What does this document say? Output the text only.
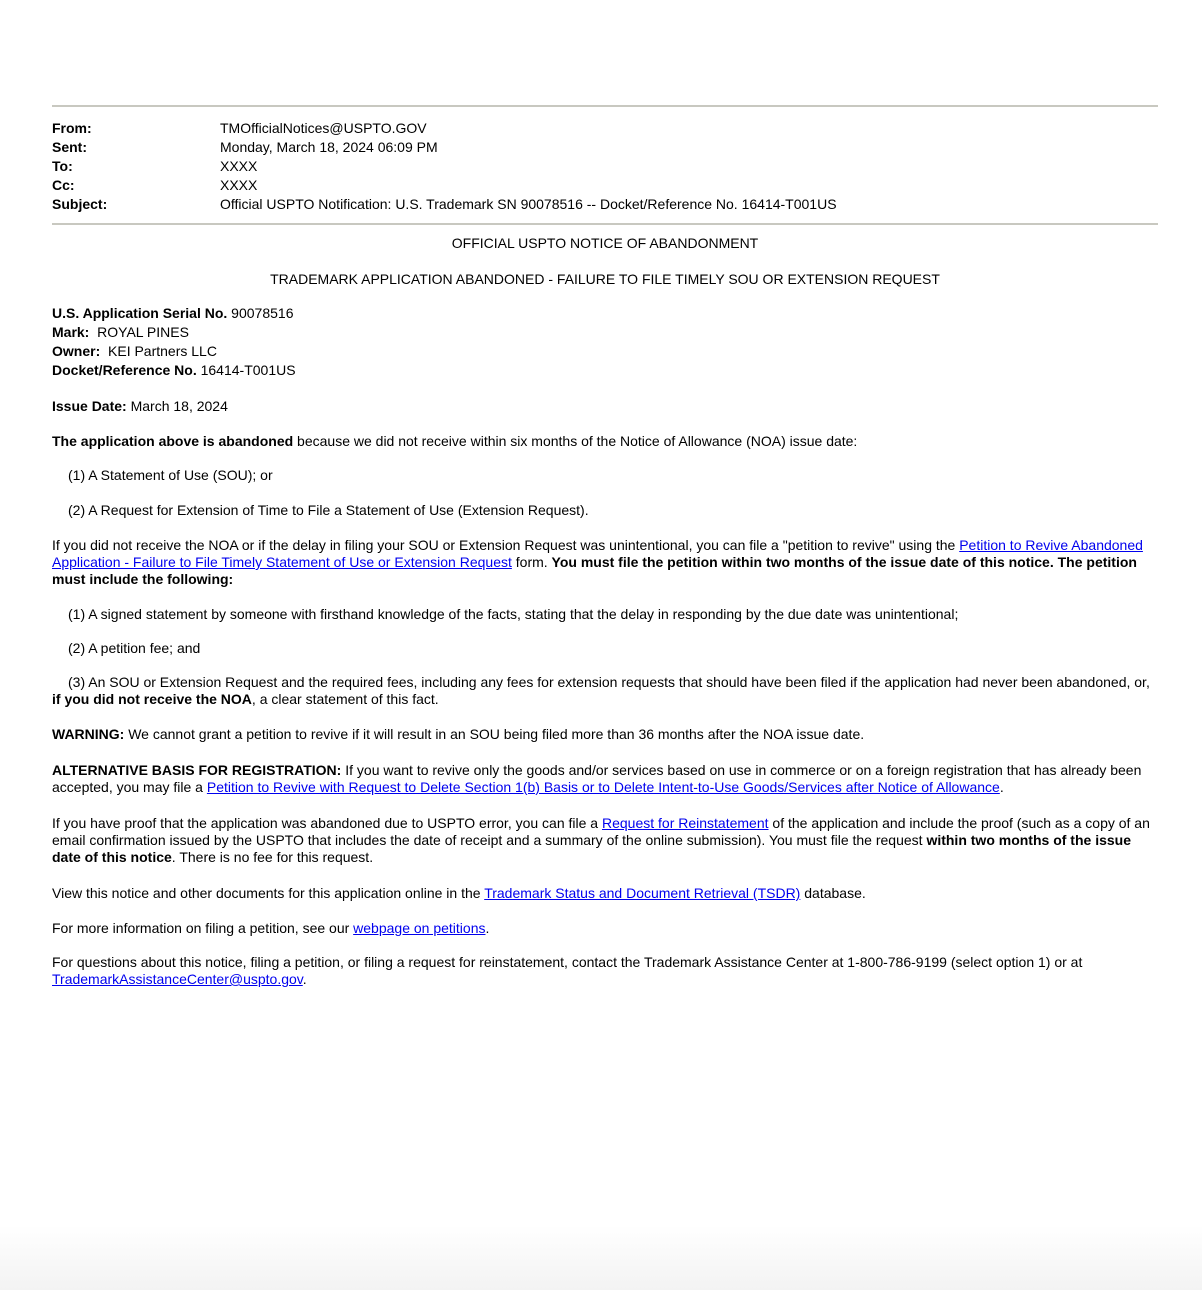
From:	TMOfficialNotices@USPTO.GOV
Sent:	Monday, March 18, 2024 06:09 PM
To:	XXXX
Cc:	XXXX
Subject:	Official USPTO Notification: U.S. Trademark SN 90078516 -- Docket/Reference No. 16414-T001US

OFFICIAL USPTO NOTICE OF ABANDONMENT

TRADEMARK APPLICATION ABANDONED - FAILURE TO FILE TIMELY SOU OR EXTENSION REQUEST

U.S. Application Serial No. 90078516
Mark:  ROYAL PINES
Owner:  KEI Partners LLC
Docket/Reference No. 16414-T001US

Issue Date: March 18, 2024

The application above is abandoned because we did not receive within six months of the Notice of Allowance (NOA) issue date:

(1) A Statement of Use (SOU); or

(2) A Request for Extension of Time to File a Statement of Use (Extension Request).

If you did not receive the NOA or if the delay in filing your SOU or Extension Request was unintentional, you can file a "petition to revive" using the Petition to Revive Abandoned Application - Failure to File Timely Statement of Use or Extension Request form. You must file the petition within two months of the issue date of this notice. The petition must include the following:

(1) A signed statement by someone with firsthand knowledge of the facts, stating that the delay in responding by the due date was unintentional;

(2) A petition fee; and

(3) An SOU or Extension Request and the required fees, including any fees for extension requests that should have been filed if the application had never been abandoned, or, if you did not receive the NOA, a clear statement of this fact.

WARNING: We cannot grant a petition to revive if it will result in an SOU being filed more than 36 months after the NOA issue date.

ALTERNATIVE BASIS FOR REGISTRATION: If you want to revive only the goods and/or services based on use in commerce or on a foreign registration that has already been accepted, you may file a Petition to Revive with Request to Delete Section 1(b) Basis or to Delete Intent-to-Use Goods/Services after Notice of Allowance.

If you have proof that the application was abandoned due to USPTO error, you can file a Request for Reinstatement of the application and include the proof (such as a copy of an email confirmation issued by the USPTO that includes the date of receipt and a summary of the online submission). You must file the request within two months of the issue date of this notice. There is no fee for this request.

View this notice and other documents for this application online in the Trademark Status and Document Retrieval (TSDR) database.

For more information on filing a petition, see our webpage on petitions.

For questions about this notice, filing a petition, or filing a request for reinstatement, contact the Trademark Assistance Center at 1-800-786-9199 (select option 1) or at TrademarkAssistanceCenter@uspto.gov.
